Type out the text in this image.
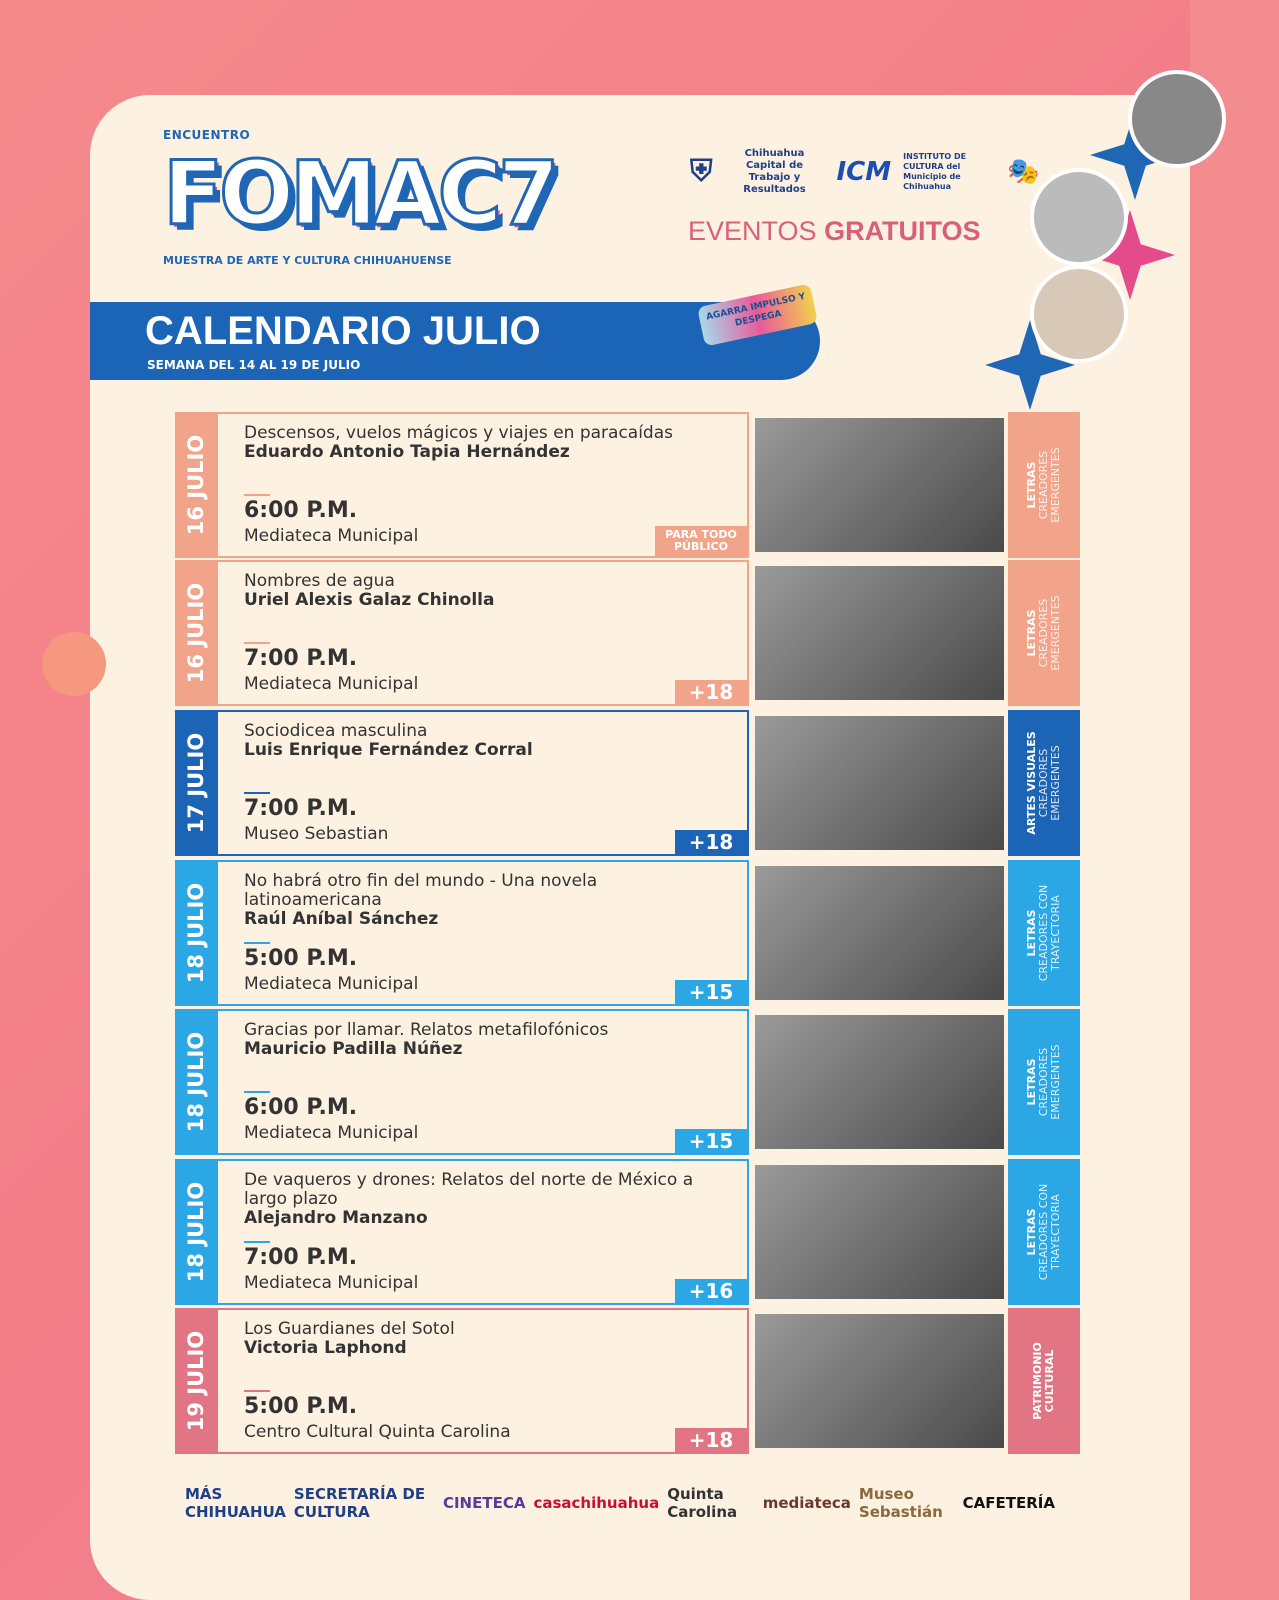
ENCUENTRO
FOMAC7
MUESTRA DE ARTE Y CULTURA CHIHUAHUENSE
⛨
Chihuahua Capital de Trabajo y Resultados
ICM
INSTITUTO DE CULTURA del Municipio de Chihuahua	🎭
EVENTOS GRATUITOS
CALENDARIO JULIO
SEMANA DEL 14 AL 19 DE JULIO
AGARRA IMPULSO Y DESPEGA
16 JULIO
Descensos, vuelos mágicos y viajes en paracaídas
Eduardo Antonio Tapia Hernández
6:00 P.M.
Mediateca Municipal	PARA TODO PÚBLICO
LETRAS CREADORES EMERGENTES
16 JULIO
Nombres de agua
Uriel Alexis Galaz Chinolla
7:00 P.M.
Mediateca Municipal	+18
LETRAS CREADORES EMERGENTES
17 JULIO
Sociodicea masculina
Luis Enrique Fernández Corral
7:00 P.M.
Museo Sebastian	+18
ARTES VISUALES CREADORES EMERGENTES
18 JULIO
No habrá otro fin del mundo - Una novela latinoamericana
Raúl Aníbal Sánchez
5:00 P.M.
Mediateca Municipal	+15
LETRAS CREADORES CON TRAYECTORIA
18 JULIO
Gracias por llamar. Relatos metafilofónicos
Mauricio Padilla Núñez
6:00 P.M.
Mediateca Municipal	+15
LETRAS CREADORES EMERGENTES
18 JULIO
De vaqueros y drones: Relatos del norte de México a largo plazo
Alejandro Manzano
7:00 P.M.
Mediateca Municipal	+16
LETRAS CREADORES CON TRAYECTORIA
19 JULIO
Los Guardianes del Sotol
Victoria Laphond
5:00 P.M.
Centro Cultural Quinta Carolina	+18
PATRIMONIO CULTURAL
MÁS CHIHUAHUA
SECRETARÍA DE CULTURA	CINETECA casachihuahua Quinta Carolina	mediateca Museo Sebastián	CAFETERÍA
